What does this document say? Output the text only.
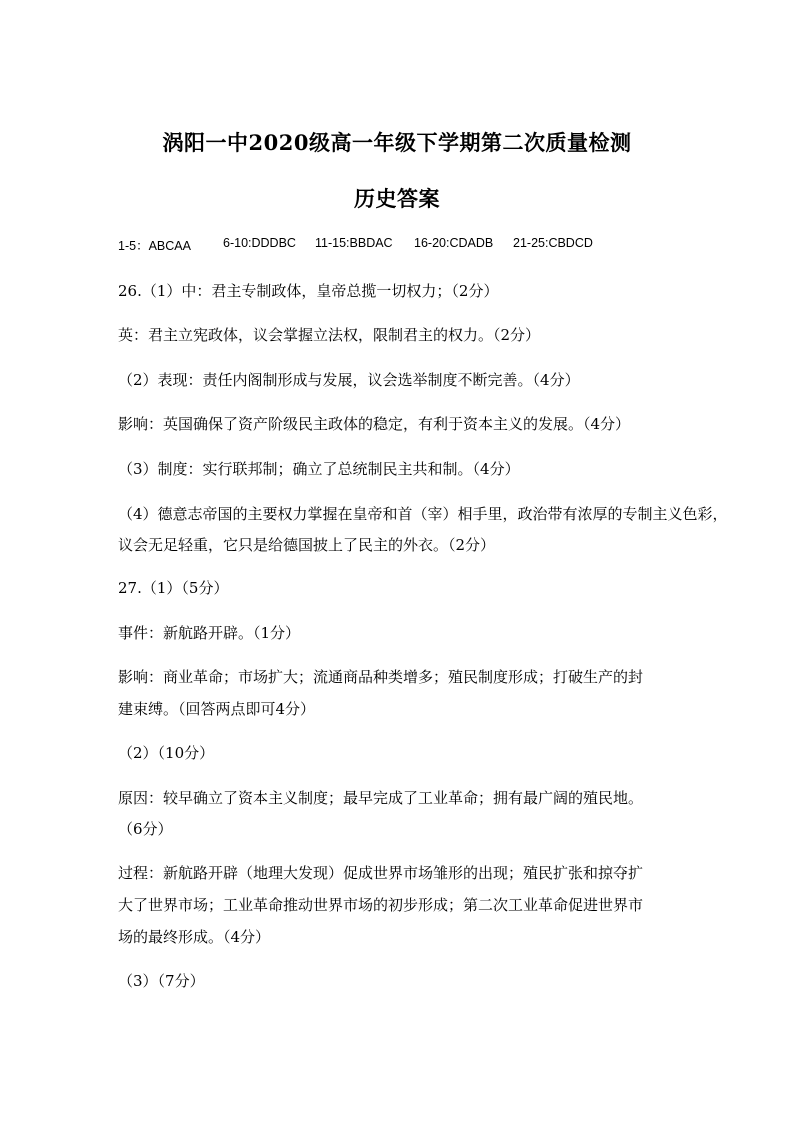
涡阳一中2020级高一年级下学期第二次质量检测
历史答案
1-5：ABCAA	6-10:DDDBC 11-15:BBDAC 16-20:CDADB 21-25:CBDCD

26.（1）中：君主专制政体，皇帝总揽一切权力；（2分）

英：君主立宪政体，议会掌握立法权，限制君主的权力。（2分）

（2）表现：责任内阁制形成与发展，议会选举制度不断完善。（4分）

影响：英国确保了资产阶级民主政体的稳定，有利于资本主义的发展。（4分）

（3）制度：实行联邦制；确立了总统制民主共和制。（4分）

（4）德意志帝国的主要权力掌握在皇帝和首（宰）相手里，政治带有浓厚的专制主义色彩，

议会无足轻重，它只是给德国披上了民主的外衣。（2分）

27.（1）（5分）

事件：新航路开辟。（1分）

影响：商业革命；市场扩大；流通商品种类增多；殖民制度形成；打破生产的封

建束缚。（回答两点即可4分）

（2）（10分）

原因：较早确立了资本主义制度；最早完成了工业革命；拥有最广阔的殖民地。

（6分）

过程：新航路开辟（地理大发现）促成世界市场雏形的出现；殖民扩张和掠夺扩

大了世界市场；工业革命推动世界市场的初步形成；第二次工业革命促进世界市

场的最终形成。（4分）

（3）（7分）
